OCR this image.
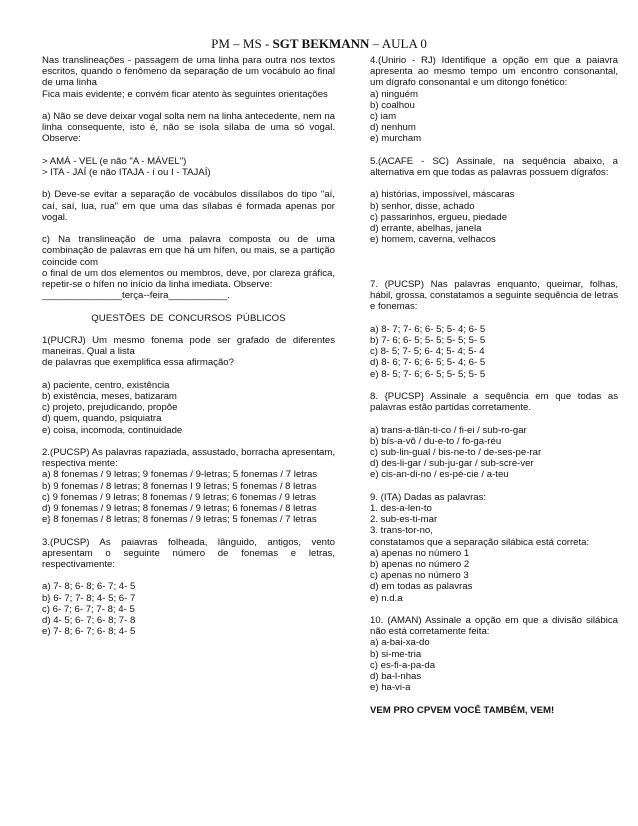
PM – MS - SGT BEKMANN – AULA 0

Nas translineações - passagem de uma linha para outra nos textos escritos, quando o fenômeno da separação de um vocábulo ao final de uma linha

Fica mais evidente; e convém ficar atento às seguintes orientações

a) Não se deve deixar vogal solta nem na linha antecedente, nem na linha consequente, isto é, não se isola sílaba de uma só vogal. Observe:

> AMÁ - VEL (e não "A - MÁVEL")

> ITA - JAÍ (e não ITAJA - í ou I - TAJAÍ)

b) Deve-se evitar a separação de vocábulos dissílabos do tipo "aí, caí, saí, lua, rua" em que uma das sílabas é formada apenas por vogal.

c) Na translineação de uma palavra composta ou de uma combinação de palavras em que há um hífen, ou mais, se a partição coincide com

o final de um dos elementos ou membros, deve, por clareza gráfica, repetir-se o hífen no início da linha imediata. Observe:

_______________terça--feira___________.

QUESTÕES DE CONCURSOS PÚBLICOS

1(PUCRJ) Um mesmo fonema pode ser grafado de diferentes maneiras. Qual a lista

de palavras que exemplifica essa afirmação?

a) paciente, centro, existência

b) existência, meses, batizaram

c) projeto, prejudicando, propõe

d) quem, quando, psiquiatra

e) coisa, incomoda, continuidade

2.(PUCSP) As palavras rapaziada, assustado, borracha apresentam, respectiva mente:

a) 8 fonemas / 9 letras; 9 fonemas / 9-letras; 5 fonemas / 7 letras

b) 9 fonemas / 8 letras; 8 fonemas I 9 letras; 5 fonemas / 8 letras

c) 9 fonemas / 9 letras; 8 fonemas / 9 letras; 6 fonemas / 9 letras

d) 9 fonemas / 9 letras; 8 fonemas / 9 letras; 6 fonemas / 8 letras

e} 8 fonemas / 8 letras; 8 fonemas / 9 letras; 5 fonemas / 7 letras

3.(PUCSP) As paiavras folheada, lânguido, antigos, vento apresentam o seguinte número de fonemas e letras, respectivamente:

a) 7- 8; 6- 8; 6- 7; 4- 5

b} 6- 7; 7- 8; 4- 5; 6- 7

c) 6- 7; 6- 7; 7- 8; 4- 5

d) 4- 5; 6- 7; 6- 8; 7- 8

e) 7- 8; 6- 7; 6- 8; 4- 5

4.(Unirio - RJ) Identifique a opção em que a paiavra apresenta ao mesmo tempo um encontro consonantal, um dígrafo consonantal e um ditongo fonético:

a) ninguém

b) coalhou

c) iam

d) nenhum

e) murcham

5.(ACAFE - SC) Assinale, na sequência abaixo, a alternativa em que todas as palavras possuem dígrafos:

a) histórias, impossível, máscaras

b) senhor, disse, achado

c) passarinhos, ergueu, piedade

d) errante, abelhas, janela

e) homem, caverna, velhacos

7. (PUCSP) Nas palavras enquanto, queimar, folhas, hábil, grossa, constatamos a seguinte sequência de letras e fonemas:

a) 8- 7; 7- 6; 6- 5; 5- 4; 6- 5

b) 7- 6; 6- 5; 5- 5; 5- 5; 5- 5

c) 8- 5; 7- 5; 6- 4; 5- 4; 5- 4

d) 8- 6; 7- 6; 6- 5; 5- 4; 6- 5

e) 8- 5; 7- 6; 6- 5; 5- 5; 5- 5

8. {PUCSP} Assinale a sequência em que todas as palavras estão partidas corretamente.

a) trans-a-tlân-ti-co / fi-ei / sub-ro-gar

b) bís-a-vô / du-e-to / fo-ga-réu

c) sub-lin-gual / bis-ne-to / de-ses-pe-rar

d) des-li-gar / sub-ju-gar / sub-scre-ver

e) cis-an-di-no / es-pé-cie / a-teu

9. (ITA) Dadas as palavras:

1. des-a-len-to

2. sub-es-ti-mar

3. trans-tor-no,

constatamos que a separação silábica está correta:

a) apenas no número 1

b) apenas no número 2

c) apenas no número 3

d) em todas as palavras

e) n.d.a

10. (AMAN) Assinale a opção em que a divisão silábica não está corretamente feita:

a) a-bai-xa-do

b) si-me-tria

c) es-fi-a-pa-da

d) ba-l-nhas

e) ha-vi-a

VEM PRO CPVEM VOCÊ TAMBÉM, VEM!
